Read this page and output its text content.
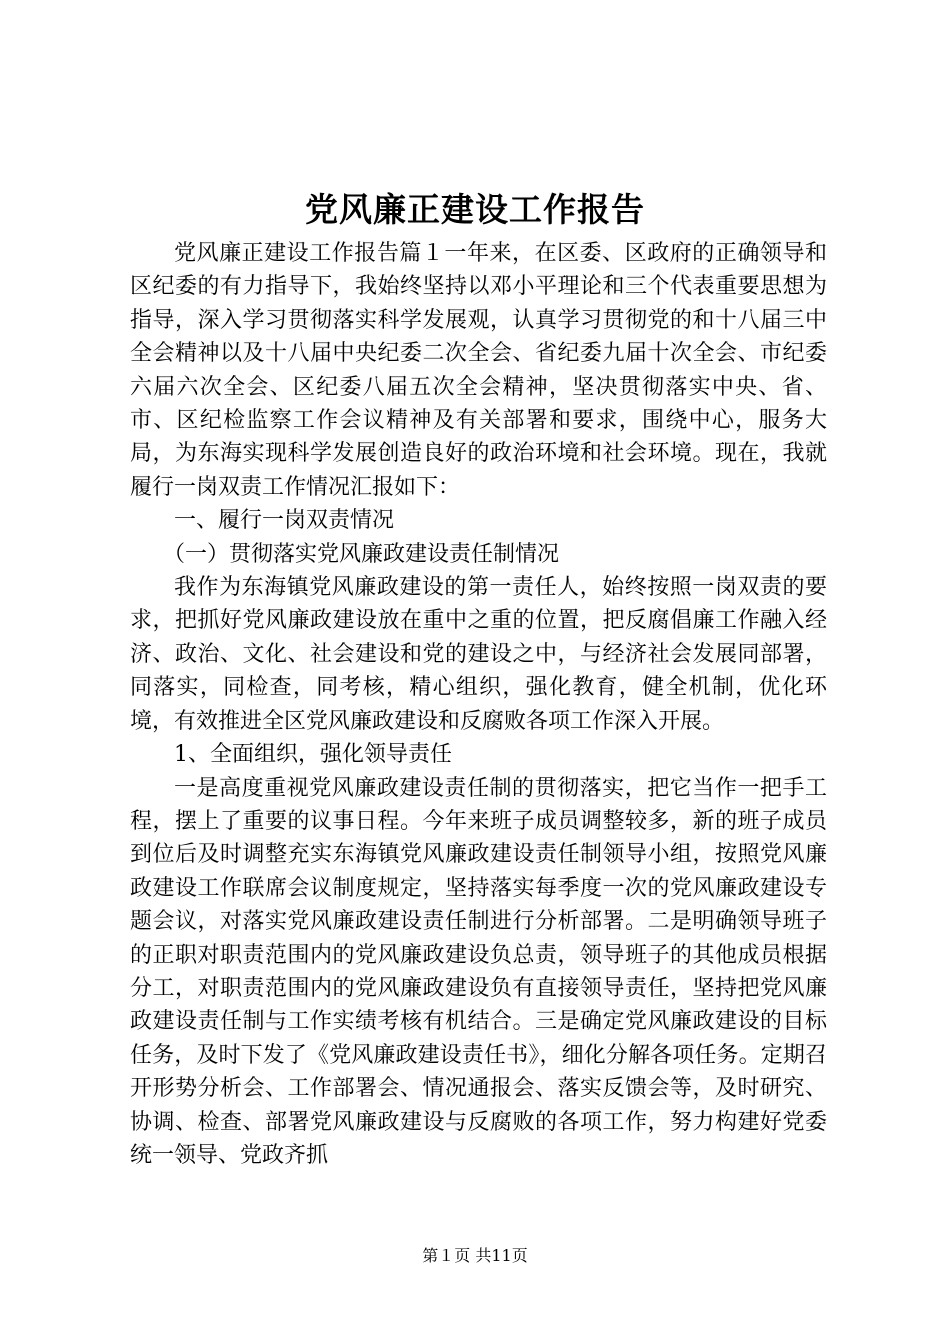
党风廉正建设工作报告

党风廉正建设工作报告篇１一年来，在区委、区政府的正确领导和区纪委的有力指导下，我始终坚持以邓小平理论和三个代表重要思想为指导，深入学习贯彻落实科学发展观，认真学习贯彻党的和十八届三中全会精神以及十八届中央纪委二次全会、省纪委九届十次全会、市纪委六届六次全会、区纪委八届五次全会精神，坚决贯彻落实中央、省、市、区纪检监察工作会议精神及有关部署和要求，围绕中心，服务大局，为东海实现科学发展创造良好的政治环境和社会环境。现在，我就履行一岗双责工作情况汇报如下：

一、履行一岗双责情况

（一）贯彻落实党风廉政建设责任制情况

我作为东海镇党风廉政建设的第一责任人，始终按照一岗双责的要求，把抓好党风廉政建设放在重中之重的位置，把反腐倡廉工作融入经济、政治、文化、社会建设和党的建设之中，与经济社会发展同部署，同落实，同检查，同考核，精心组织，强化教育，健全机制，优化环境，有效推进全区党风廉政建设和反腐败各项工作深入开展。

1、全面组织，强化领导责任

一是高度重视党风廉政建设责任制的贯彻落实，把它当作一把手工程，摆上了重要的议事日程。今年来班子成员调整较多，新的班子成员到位后及时调整充实东海镇党风廉政建设责任制领导小组，按照党风廉政建设工作联席会议制度规定，坚持落实每季度一次的党风廉政建设专题会议，对落实党风廉政建设责任制进行分析部署。二是明确领导班子的正职对职责范围内的党风廉政建设负总责，领导班子的其他成员根据分工，对职责范围内的党风廉政建设负有直接领导责任，坚持把党风廉政建设责任制与工作实绩考核有机结合。三是确定党风廉政建设的目标任务，及时下发了《党风廉政建设责任书》，细化分解各项任务。定期召开形势分析会、工作部署会、情况通报会、落实反馈会等，及时研究、协调、检查、部署党风廉政建设与反腐败的各项工作，努力构建好党委统一领导、党政齐抓

第１页 共11页
